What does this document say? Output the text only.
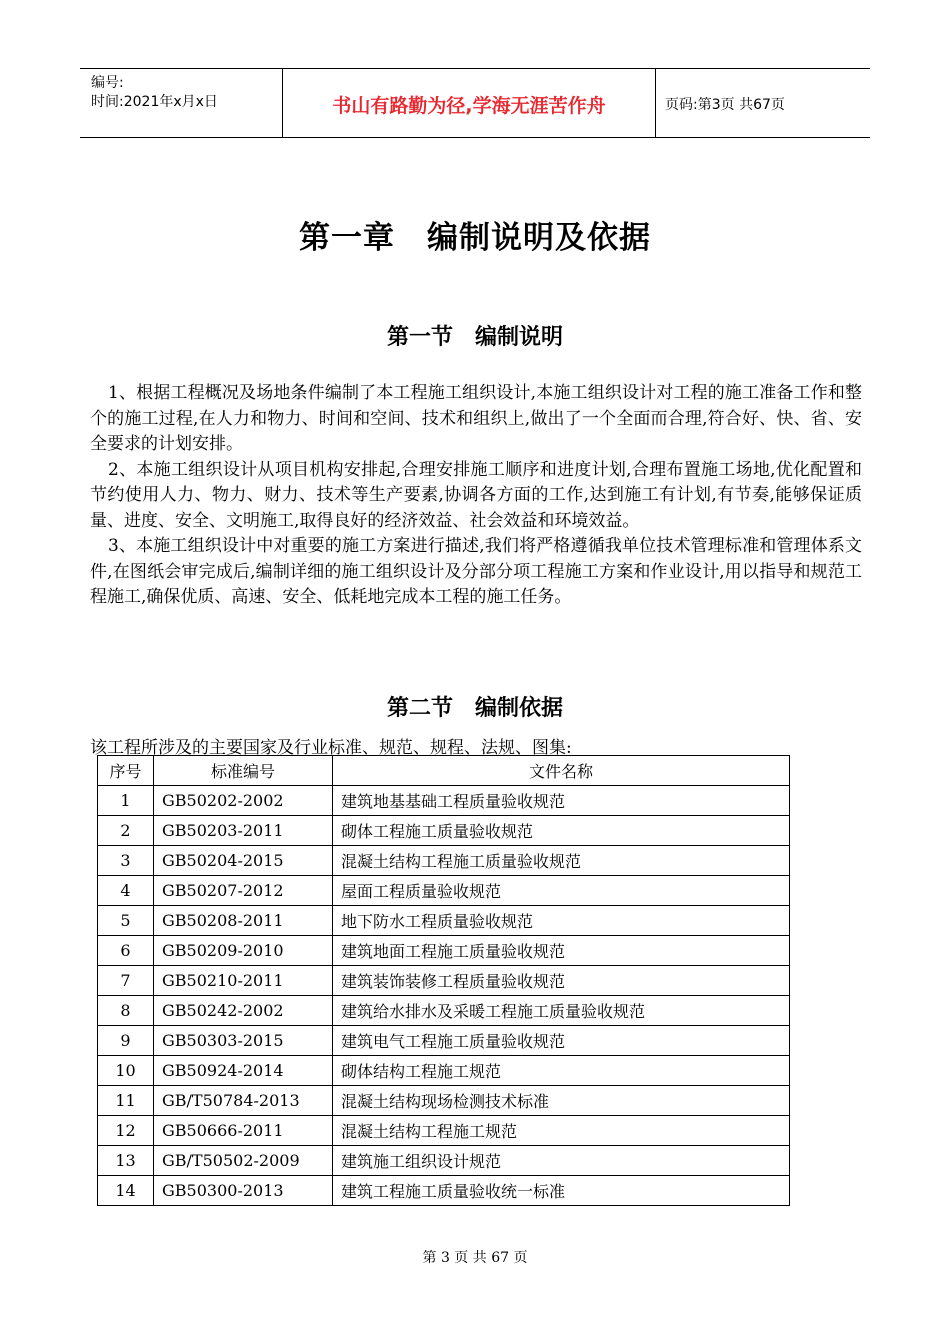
编号:
时间:2021年x月x日	书山有路勤为径,学海无涯苦作舟	页码:第3页 共67页
第一章　编制说明及依据
第一节　编制说明

1、根据工程概况及场地条件编制了本工程施工组织设计,本施工组织设计对工程的施工准备工作和整个的施工过程,在人力和物力、时间和空间、技术和组织上,做出了一个全面而合理,符合好、快、省、安全要求的计划安排。

2、本施工组织设计从项目机构安排起,合理安排施工顺序和进度计划,合理布置施工场地,优化配置和节约使用人力、物力、财力、技术等生产要素,协调各方面的工作,达到施工有计划,有节奏,能够保证质量、进度、安全、文明施工,取得良好的经济效益、社会效益和环境效益。

3、本施工组织设计中对重要的施工方案进行描述,我们将严格遵循我单位技术管理标准和管理体系文件,在图纸会审完成后,编制详细的施工组织设计及分部分项工程施工方案和作业设计,用以指导和规范工程施工,确保优质、高速、安全、低耗地完成本工程的施工任务。

第二节　编制依据
该工程所涉及的主要国家及行业标准、规范、规程、法规、图集:
序号	标准编号	文件名称
1	GB50202-2002	建筑地基基础工程质量验收规范
2	GB50203-2011	砌体工程施工质量验收规范
3	GB50204-2015	混凝土结构工程施工质量验收规范
4	GB50207-2012	屋面工程质量验收规范
5	GB50208-2011	地下防水工程质量验收规范
6	GB50209-2010	建筑地面工程施工质量验收规范
7	GB50210-2011	建筑装饰装修工程质量验收规范
8	GB50242-2002	建筑给水排水及采暖工程施工质量验收规范
9	GB50303-2015	建筑电气工程施工质量验收规范
10	GB50924-2014	砌体结构工程施工规范
11	GB/T50784-2013	混凝土结构现场检测技术标准
12	GB50666-2011	混凝土结构工程施工规范
13	GB/T50502-2009	建筑施工组织设计规范
14	GB50300-2013	建筑工程施工质量验收统一标准
第 3 页 共 67 页
